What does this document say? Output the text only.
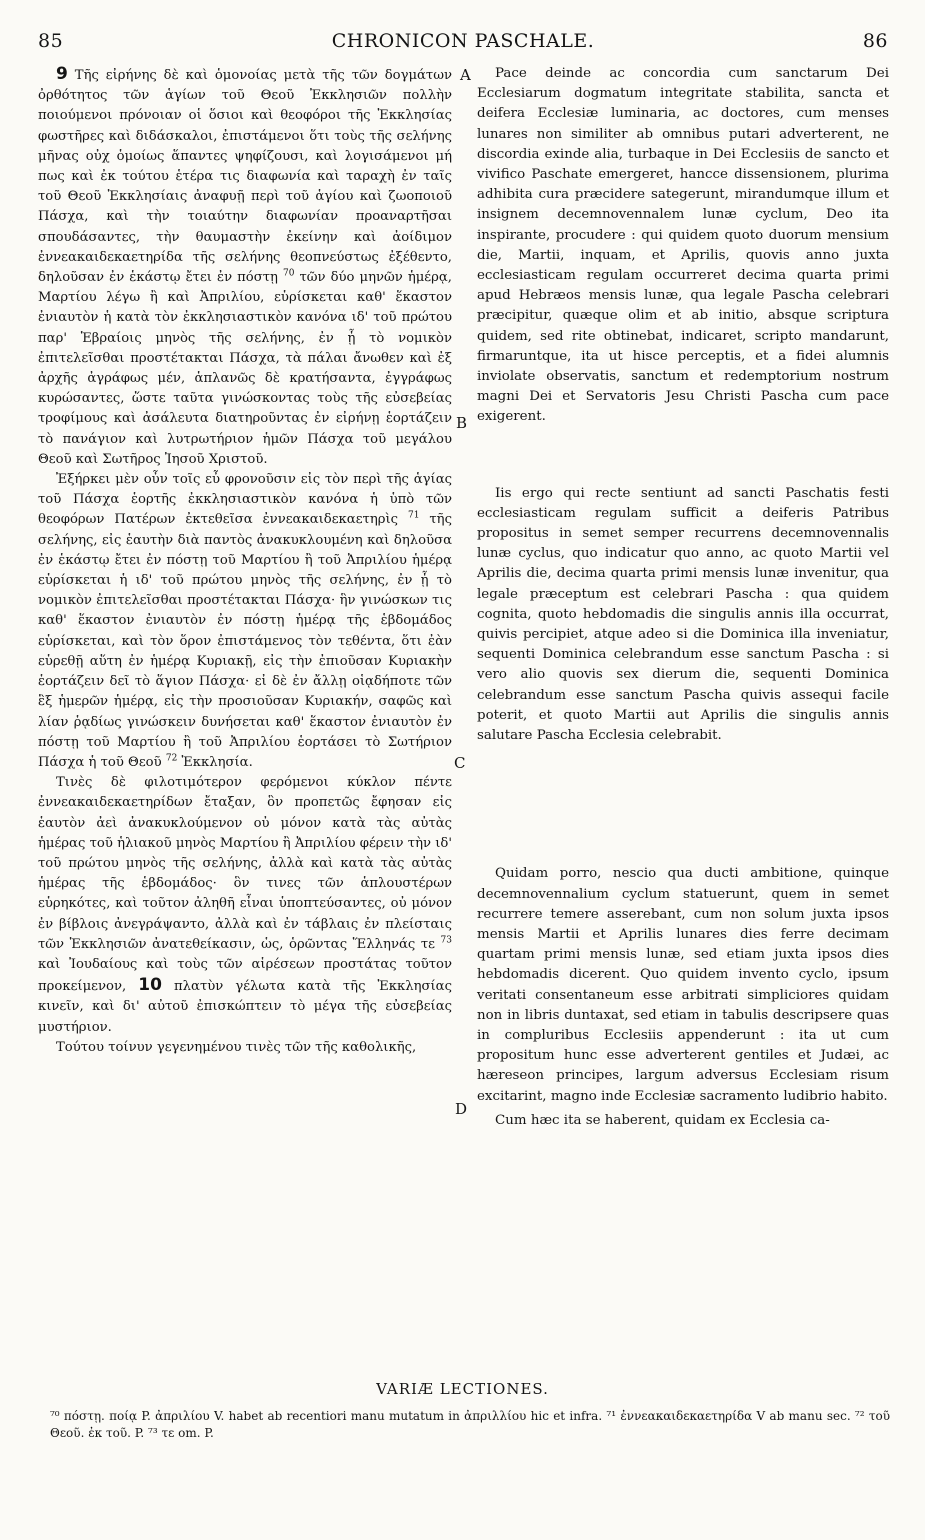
85	CHRONICON PASCHALE.	86

9 Τῆς εἰρήνης δὲ καὶ ὁμονοίας μετὰ τῆς τῶν δογμάτων ὀρθότητος τῶν ἁγίων τοῦ Θεοῦ Ἐκκλησιῶν πολλὴν ποιούμενοι πρόνοιαν οἱ ὅσιοι καὶ θεοφόροι τῆς Ἐκκλησίας φωστῆρες καὶ διδάσκαλοι, ἐπιστάμενοι ὅτι τοὺς τῆς σελήνης μῆνας οὐχ ὁμοίως ἅπαντες ψηφίζουσι, καὶ λογισάμενοι μή πως καὶ ἐκ τούτου ἑτέρα τις διαφωνία καὶ ταραχὴ ἐν ταῖς τοῦ Θεοῦ Ἐκκλησίαις ἀναφυῇ περὶ τοῦ ἁγίου καὶ ζωοποιοῦ Πάσχα, καὶ τὴν τοιαύτην διαφωνίαν προαναρτῆσαι σπουδάσαντες, τὴν θαυμαστὴν ἐκείνην καὶ ἀοίδιμον ἐννεακαιδεκαετηρίδα τῆς σελήνης θεοπνεύστως ἐξέθεντο, δηλοῦσαν ἐν ἑκάστῳ ἔτει ἐν πόστῃ $^{70}$ τῶν δύο μηνῶν ἡμέρᾳ, Μαρτίου λέγω ἢ καὶ Ἀπριλίου, εὑρίσκεται καθ' ἕκαστον ἐνιαυτὸν ἡ κατὰ τὸν ἐκκλησιαστικὸν κανόνα ιδ' τοῦ πρώτου παρ' Ἑβραίοις μηνὸς τῆς σελήνης, ἐν ᾗ τὸ νομικὸν ἐπιτελεῖσθαι προστέτακται Πάσχα, τὰ πάλαι ἄνωθεν καὶ ἐξ ἀρχῆς ἀγράφως μέν, ἁπλανῶς δὲ κρατήσαντα, ἐγγράφως κυρώσαντες, ὥστε ταῦτα γινώσκοντας τοὺς τῆς εὐσεβείας τροφίμους καὶ ἀσάλευτα διατηροῦντας ἐν εἰρήνῃ ἑορτάζειν τὸ πανάγιον καὶ λυτρωτήριον ἡμῶν Πάσχα τοῦ μεγάλου Θεοῦ καὶ Σωτῆρος Ἰησοῦ Χριστοῦ.

Ἐξήρκει μὲν οὖν τοῖς εὖ φρονοῦσιν εἰς τὸν περὶ τῆς ἁγίας τοῦ Πάσχα ἑορτῆς ἐκκλησιαστικὸν κανόνα ἡ ὑπὸ τῶν θεοφόρων Πατέρων ἐκτεθεῖσα ἐννεακαιδεκαετηρὶς $^{71}$ τῆς σελήνης, εἰς ἑαυτὴν διὰ παντὸς ἀνακυκλουμένη καὶ δηλοῦσα ἐν ἑκάστῳ ἔτει ἐν πόστῃ τοῦ Μαρτίου ἢ τοῦ Ἀπριλίου ἡμέρᾳ εὑρίσκεται ἡ ιδ' τοῦ πρώτου μηνὸς τῆς σελήνης, ἐν ᾗ τὸ νομικὸν ἐπιτελεῖσθαι προστέτακται Πάσχα· ἣν γινώσκων τις καθ' ἕκαστον ἐνιαυτὸν ἐν πόστῃ ἡμέρᾳ τῆς ἑβδομάδος εὑρίσκεται, καὶ τὸν ὅρον ἐπιστάμενος τὸν τεθέντα, ὅτι ἐὰν εὑρεθῇ αὕτη ἐν ἡμέρᾳ Κυριακῇ, εἰς τὴν ἐπιοῦσαν Κυριακὴν ἑορτάζειν δεῖ τὸ ἅγιον Πάσχα· εἰ δὲ ἐν ἄλλῃ οἱᾳδήποτε τῶν ἓξ ἡμερῶν ἡμέρᾳ, εἰς τὴν προσιοῦσαν Κυριακήν, σαφῶς καὶ λίαν ῥᾳδίως γινώσκειν δυνήσεται καθ' ἕκαστον ἐνιαυτὸν ἐν πόστῃ τοῦ Μαρτίου ἢ τοῦ Ἀπριλίου ἑορτάσει τὸ Σωτήριον Πάσχα ἡ τοῦ Θεοῦ $^{72}$ Ἐκκλησία.

Τινὲς δὲ φιλοτιμότερον φερόμενοι κύκλον πέντε ἐννεακαιδεκαετηρίδων ἔταξαν, ὃν προπετῶς ἔφησαν εἰς ἑαυτὸν ἀεὶ ἀνακυκλούμενον οὐ μόνον κατὰ τὰς αὐτὰς ἡμέρας τοῦ ἡλιακοῦ μηνὸς Μαρτίου ἢ Ἀπριλίου φέρειν τὴν ιδ' τοῦ πρώτου μηνὸς τῆς σελήνης, ἀλλὰ καὶ κατὰ τὰς αὐτὰς ἡμέρας τῆς ἑβδομάδος· ὃν τινες τῶν ἁπλουστέρων εὑρηκότες, καὶ τοῦτον ἀληθῆ εἶναι ὑποπτεύσαντες, οὐ μόνον ἐν βίβλοις ἀνεγράψαντο, ἀλλὰ καὶ ἐν τάβλαις ἐν πλείσταις τῶν Ἐκκλησιῶν ἀνατεθείκασιν, ὡς, ὁρῶντας Ἕλληνάς τε $^{73}$ καὶ Ἰουδαίους καὶ τοὺς τῶν αἱρέσεων προστάτας τοῦτον προκείμενον, 10 πλατὺν γέλωτα κατὰ τῆς Ἐκκλησίας κινεῖν, καὶ δι' αὐτοῦ ἐπισκώπτειν τὸ μέγα τῆς εὐσεβείας μυστήριον.

Τούτου τοίνυν γεγενημένου τινὲς τῶν τῆς καθολικῆς,

A
B
C
D

Pace deinde ac concordia cum sanctarum Dei Ecclesiarum dogmatum integritate stabilita, sancta et deifera Ecclesiæ luminaria, ac doctores, cum menses lunares non similiter ab omnibus putari adverterent, ne discordia exinde alia, turbaque in Dei Ecclesiis de sancto et vivifico Paschate emergeret, hancce dissensionem, plurima adhibita cura præcidere sategerunt, mirandumque illum et insignem decemnovennalem lunæ cyclum, Deo ita inspirante, procudere : qui quidem quoto duorum mensium die, Martii, inquam, et Aprilis, quovis anno juxta ecclesiasticam regulam occurreret decima quarta primi apud Hebræos mensis lunæ, qua legale Pascha celebrari præcipitur, quæque olim et ab initio, absque scriptura quidem, sed rite obtinebat, indicaret, scripto mandarunt, firmaruntque, ita ut hisce perceptis, et a fidei alumnis inviolate observatis, sanctum et redemptorium nostrum magni Dei et Servatoris Jesu Christi Pascha cum pace exigerent.

Iis ergo qui recte sentiunt ad sancti Paschatis festi ecclesiasticam regulam sufficit a deiferis Patribus propositus in semet semper recurrens decemnovennalis lunæ cyclus, quo indicatur quo anno, ac quoto Martii vel Aprilis die, decima quarta primi mensis lunæ invenitur, qua legale præceptum est celebrari Pascha : qua quidem cognita, quoto hebdomadis die singulis annis illa occurrat, quivis percipiet, atque adeo si die Dominica illa inveniatur, sequenti Dominica celebrandum esse sanctum Pascha : si vero alio quovis sex dierum die, sequenti Dominica celebrandum esse sanctum Pascha quivis assequi facile poterit, et quoto Martii aut Aprilis die singulis annis salutare Pascha Ecclesia celebrabit.

Quidam porro, nescio qua ducti ambitione, quinque decemnovennalium cyclum statuerunt, quem in semet recurrere temere asserebant, cum non solum juxta ipsos mensis Martii et Aprilis lunares dies ferre decimam quartam primi mensis lunæ, sed etiam juxta ipsos dies hebdomadis dicerent. Quo quidem invento cyclo, ipsum veritati consentaneum esse arbitrati simpliciores quidam non in libris duntaxat, sed etiam in tabulis descripsere quas in compluribus Ecclesiis appenderunt : ita ut cum propositum hunc esse adverterent gentiles et Judæi, ac hæreseon principes, largum adversus Ecclesiam risum excitarint, magno inde Ecclesiæ sacramento ludibrio habito.

Cum hæc ita se haberent, quidam ex Ecclesia ca-

VARIÆ LECTIONES.
⁷⁰ πόστῃ. ποίᾳ P. ἀπριλίου V. habet ab recentiori manu mutatum in ἀπριλλίου hic et infra. ⁷¹ ἐννεακαιδεκαετηρίδα V ab manu sec. ⁷² τοῦ Θεοῦ. ἐκ τοῦ. P. ⁷³ τε om. P.
